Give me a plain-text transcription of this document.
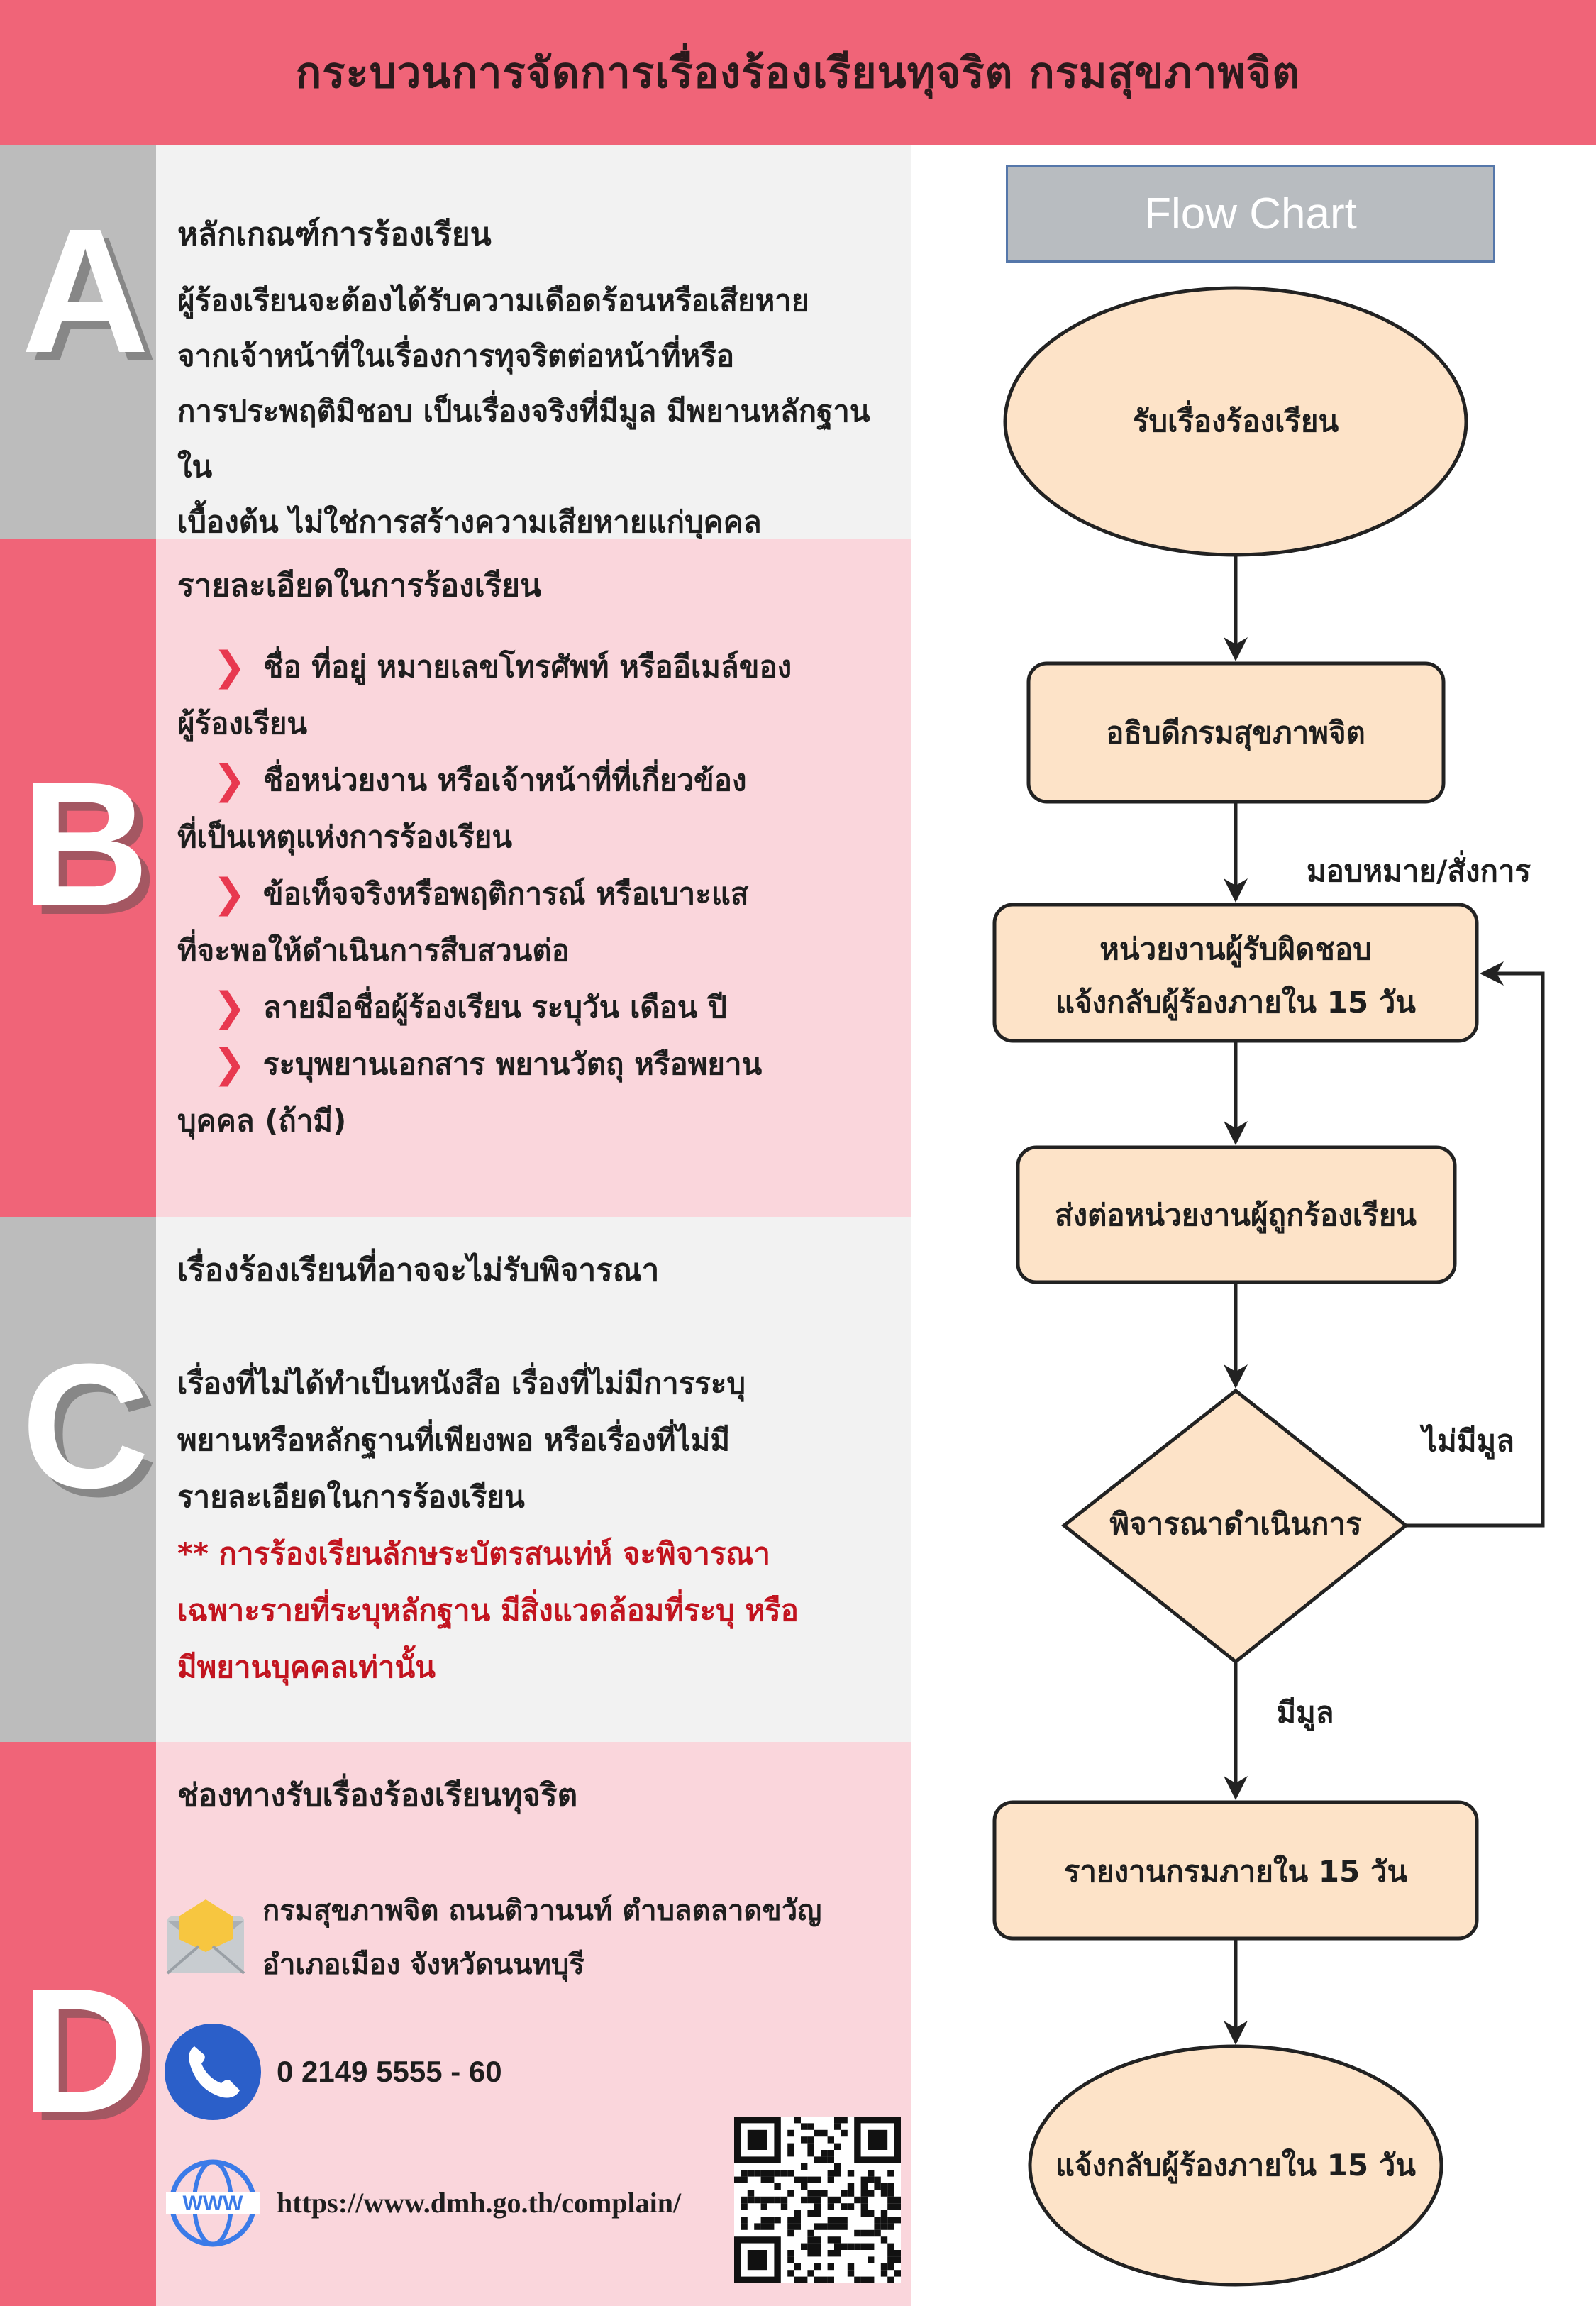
กระบวนการจัดการเรื่องร้องเรียนทุจริต กรมสุขภาพจิต
A หลักเกณฑ์การร้องเรียน
ผู้ร้องเรียนจะต้องได้รับความเดือดร้อนหรือเสียหาย
จากเจ้าหน้าที่ในเรื่องการทุจริตต่อหน้าที่หรือ
การประพฤติมิชอบ เป็นเรื่องจริงที่มีมูล มีพยานหลักฐานใน
เบื้องต้น ไม่ใช่การสร้างความเสียหายแก่บุคคล
B
รายละเอียดในการร้องเรียน
❯ ชื่อ ที่อยู่ หมายเลขโทรศัพท์ หรืออีเมล์ของ
ผู้ร้องเรียน
❯ ชื่อหน่วยงาน หรือเจ้าหน้าที่ที่เกี่ยวข้อง
ที่เป็นเหตุแห่งการร้องเรียน
❯ ข้อเท็จจริงหรือพฤติการณ์ หรือเบาะแส
ที่จะพอให้ดำเนินการสืบสวนต่อ
❯ ลายมือชื่อผู้ร้องเรียน ระบุวัน เดือน ปี
❯ ระบุพยานเอกสาร พยานวัตถุ หรือพยาน
บุคคล (ถ้ามี)
C
เรื่องร้องเรียนที่อาจจะไม่รับพิจารณา
เรื่องที่ไม่ได้ทำเป็นหนังสือ เรื่องที่ไม่มีการระบุ
พยานหรือหลักฐานที่เพียงพอ หรือเรื่องที่ไม่มี
รายละเอียดในการร้องเรียน
** การร้องเรียนลักษระบัตรสนเท่ห์ จะพิจารณา
เฉพาะรายที่ระบุหลักฐาน มีสิ่งแวดล้อมที่ระบุ หรือ
มีพยานบุคคลเท่านั้น
D
ช่องทางรับเรื่องร้องเรียนทุจริต
กรมสุขภาพจิต ถนนติวานนท์ ตำบลตลาดขวัญ
อำเภอเมือง จังหวัดนนทบุรี
0 2149 5555 - 60
WWW https://www.dmh.go.th/complain/
Flow Chart
รับเรื่องร้องเรียน
อธิบดีกรมสุขภาพจิต
มอบหมาย/สั่งการ
หน่วยงานผู้รับผิดชอบ
แจ้งกลับผู้ร้องภายใน 15 วัน
ส่งต่อหน่วยงานผู้ถูกร้องเรียน
พิจารณาดำเนินการ
ไม่มีมูล
มีมูล
รายงานกรมภายใน 15 วัน
แจ้งกลับผู้ร้องภายใน 15 วัน
